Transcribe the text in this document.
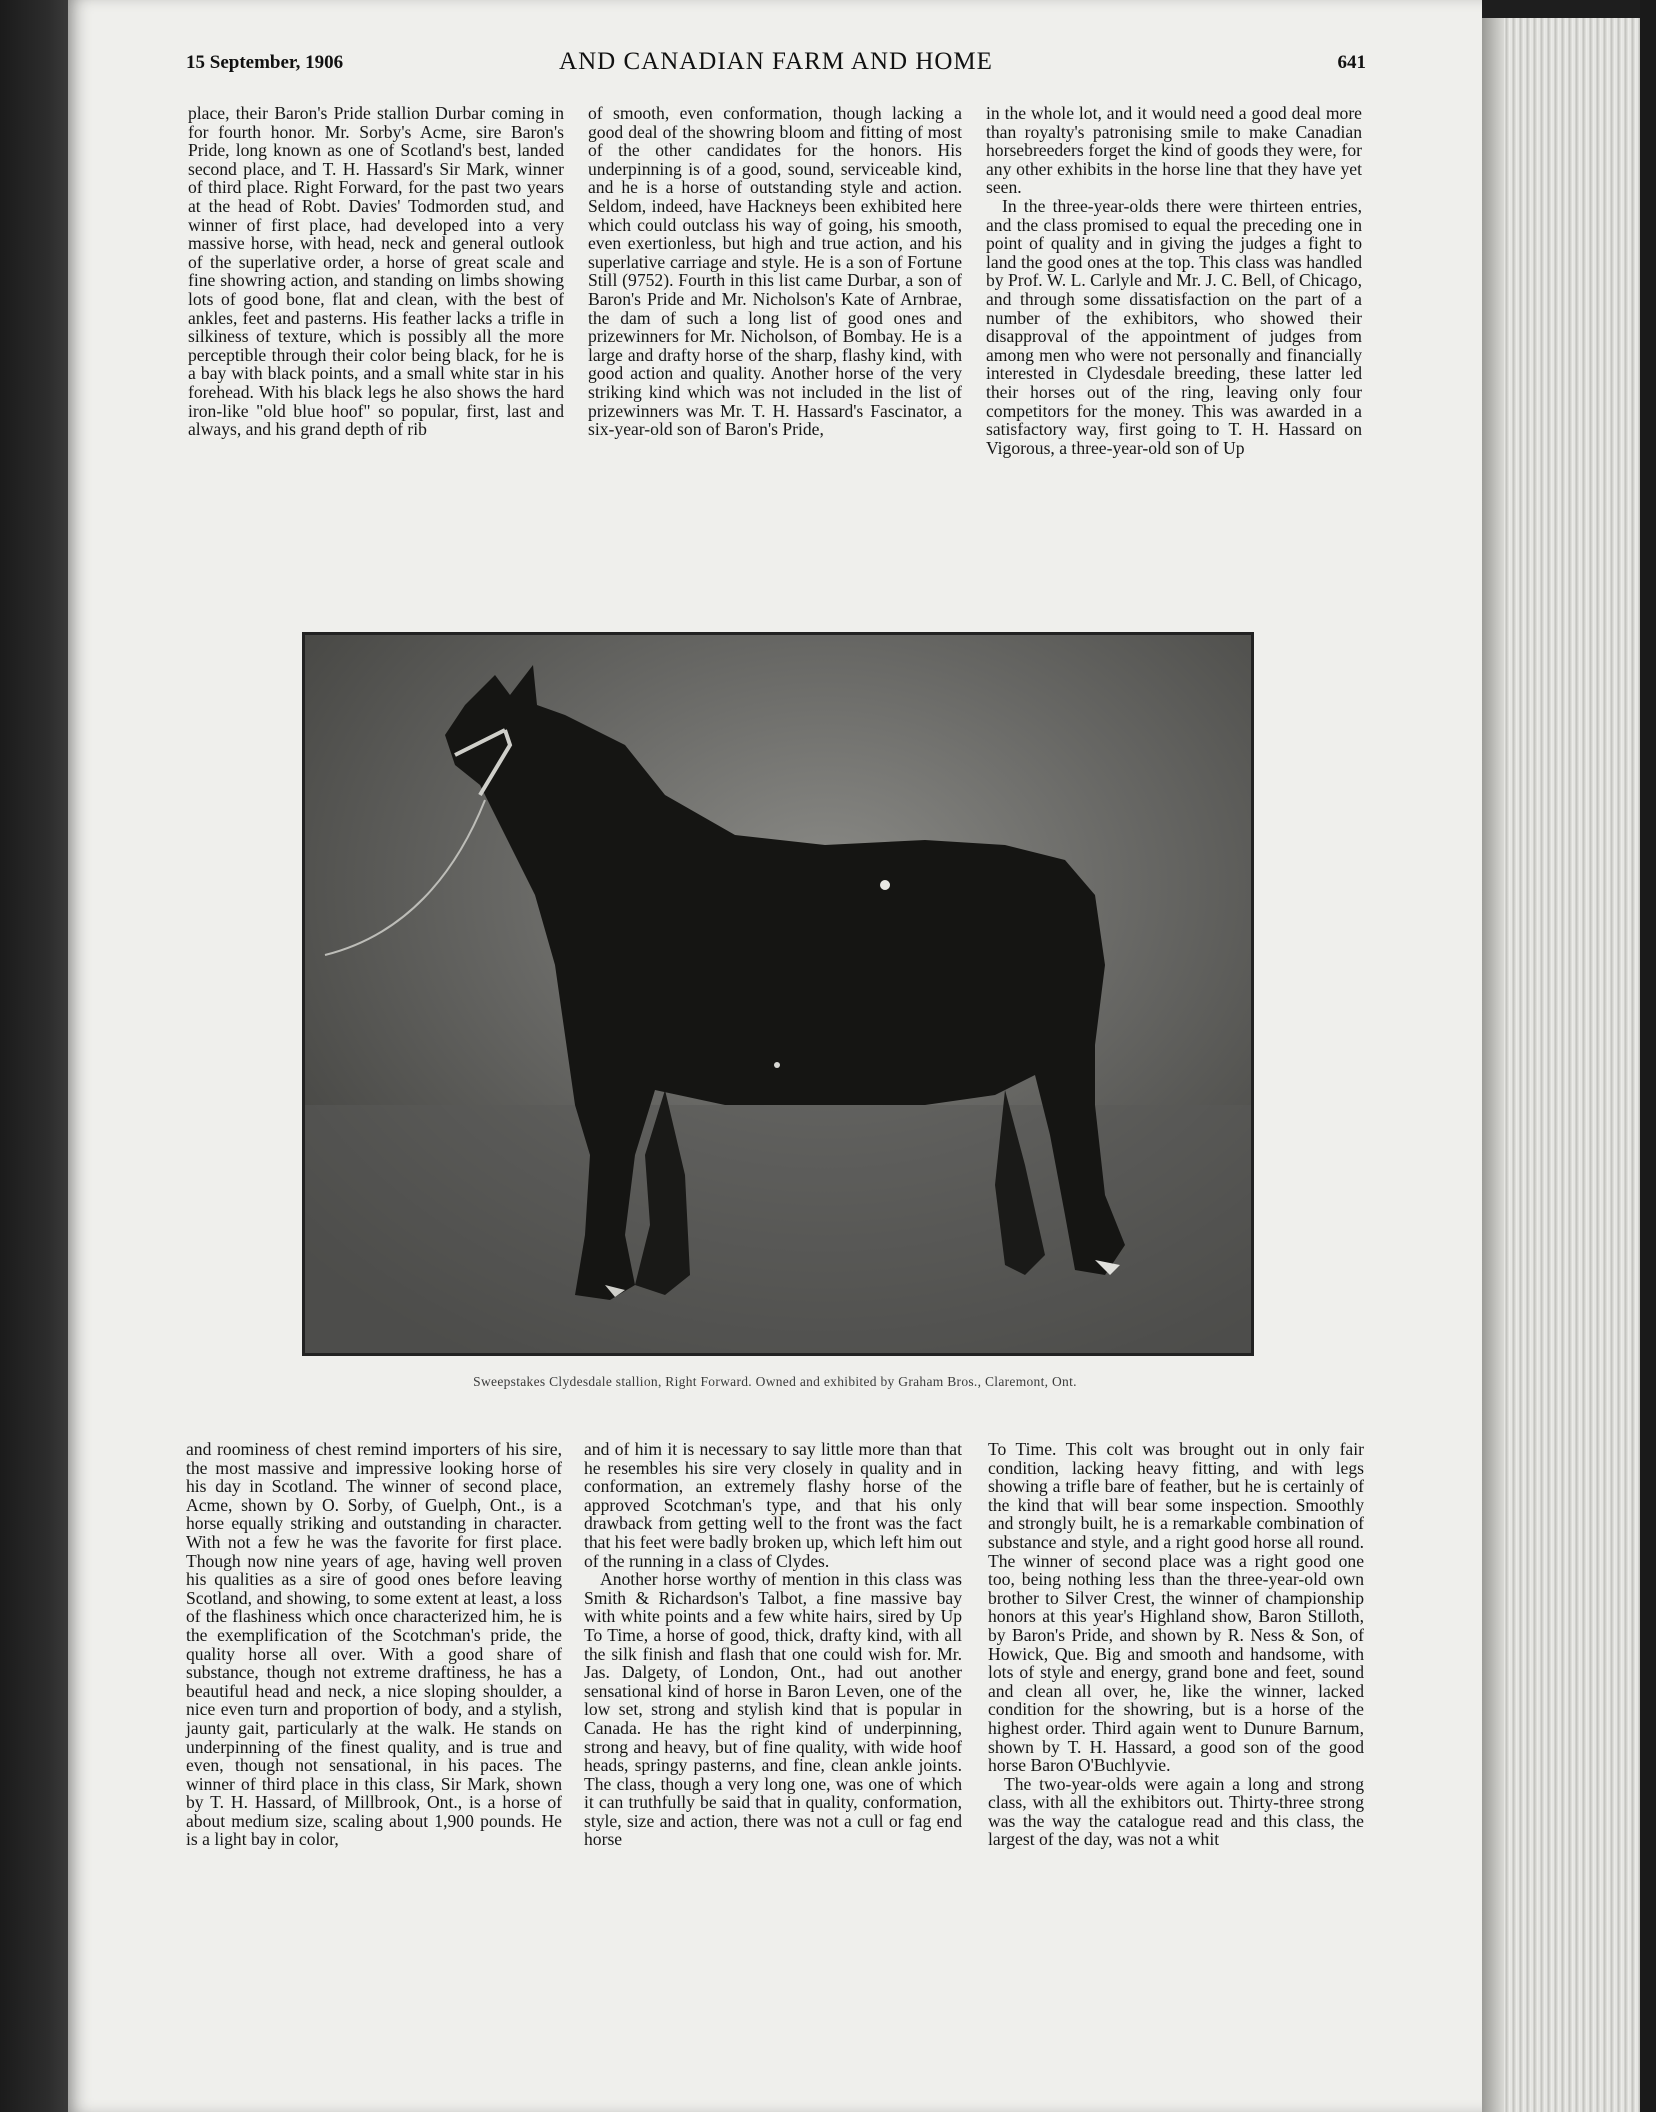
15 September, 1906	AND CANADIAN FARM AND HOME	641

place, their Baron's Pride stallion Durbar coming in for fourth honor. Mr. Sorby's Acme, sire Baron's Pride, long known as one of Scotland's best, landed second place, and T. H. Hassard's Sir Mark, winner of third place. Right Forward, for the past two years at the head of Robt. Davies' Todmorden stud, and winner of first place, had developed into a very massive horse, with head, neck and general outlook of the superlative order, a horse of great scale and fine showring action, and standing on limbs showing lots of good bone, flat and clean, with the best of ankles, feet and pasterns. His feather lacks a trifle in silkiness of texture, which is possibly all the more perceptible through their color being black, for he is a bay with black points, and a small white star in his forehead. With his black legs he also shows the hard iron-like "old blue hoof" so popular, first, last and always, and his grand depth of rib

of smooth, even conformation, though lacking a good deal of the showring bloom and fitting of most of the other candidates for the honors. His underpinning is of a good, sound, serviceable kind, and he is a horse of outstanding style and action. Seldom, indeed, have Hackneys been exhibited here which could outclass his way of going, his smooth, even exertionless, but high and true action, and his superlative carriage and style. He is a son of Fortune Still (9752). Fourth in this list came Durbar, a son of Baron's Pride and Mr. Nicholson's Kate of Arnbrae, the dam of such a long list of good ones and prizewinners for Mr. Nicholson, of Bombay. He is a large and drafty horse of the sharp, flashy kind, with good action and quality. Another horse of the very striking kind which was not included in the list of prizewinners was Mr. T. H. Hassard's Fascinator, a six-year-old son of Baron's Pride,

in the whole lot, and it would need a good deal more than royalty's patronising smile to make Canadian horsebreeders forget the kind of goods they were, for any other exhibits in the horse line that they have yet seen.

In the three-year-olds there were thirteen entries, and the class promised to equal the preceding one in point of quality and in giving the judges a fight to land the good ones at the top. This class was handled by Prof. W. L. Carlyle and Mr. J. C. Bell, of Chicago, and through some dissatisfaction on the part of a number of the exhibitors, who showed their disapproval of the appointment of judges from among men who were not personally and financially interested in Clydesdale breeding, these latter led their horses out of the ring, leaving only four competitors for the money. This was awarded in a satisfactory way, first going to T. H. Hassard on Vigorous, a three-year-old son of Up

Sweepstakes Clydesdale stallion, Right Forward. Owned and exhibited by Graham Bros., Claremont, Ont.

and roominess of chest remind importers of his sire, the most massive and impressive looking horse of his day in Scotland. The winner of second place, Acme, shown by O. Sorby, of Guelph, Ont., is a horse equally striking and outstanding in character. With not a few he was the favorite for first place. Though now nine years of age, having well proven his qualities as a sire of good ones before leaving Scotland, and showing, to some extent at least, a loss of the flashiness which once characterized him, he is the exemplification of the Scotchman's pride, the quality horse all over. With a good share of substance, though not extreme draftiness, he has a beautiful head and neck, a nice sloping shoulder, a nice even turn and proportion of body, and a stylish, jaunty gait, particularly at the walk. He stands on underpinning of the finest quality, and is true and even, though not sensational, in his paces. The winner of third place in this class, Sir Mark, shown by T. H. Hassard, of Millbrook, Ont., is a horse of about medium size, scaling about 1,900 pounds. He is a light bay in color,

and of him it is necessary to say little more than that he resembles his sire very closely in quality and in conformation, an extremely flashy horse of the approved Scotchman's type, and that his only drawback from getting well to the front was the fact that his feet were badly broken up, which left him out of the running in a class of Clydes.

Another horse worthy of mention in this class was Smith & Richardson's Talbot, a fine massive bay with white points and a few white hairs, sired by Up To Time, a horse of good, thick, drafty kind, with all the silk finish and flash that one could wish for. Mr. Jas. Dalgety, of London, Ont., had out another sensational kind of horse in Baron Leven, one of the low set, strong and stylish kind that is popular in Canada. He has the right kind of underpinning, strong and heavy, but of fine quality, with wide hoof heads, springy pasterns, and fine, clean ankle joints. The class, though a very long one, was one of which it can truthfully be said that in quality, conformation, style, size and action, there was not a cull or fag end horse

To Time. This colt was brought out in only fair condition, lacking heavy fitting, and with legs showing a trifle bare of feather, but he is certainly of the kind that will bear some inspection. Smoothly and strongly built, he is a remarkable combination of substance and style, and a right good horse all round. The winner of second place was a right good one too, being nothing less than the three-year-old own brother to Silver Crest, the winner of championship honors at this year's Highland show, Baron Stilloth, by Baron's Pride, and shown by R. Ness & Son, of Howick, Que. Big and smooth and handsome, with lots of style and energy, grand bone and feet, sound and clean all over, he, like the winner, lacked condition for the showring, but is a horse of the highest order. Third again went to Dunure Barnum, shown by T. H. Hassard, a good son of the good horse Baron O'Buchlyvie.

The two-year-olds were again a long and strong class, with all the exhibitors out. Thirty-three strong was the way the catalogue read and this class, the largest of the day, was not a whit
